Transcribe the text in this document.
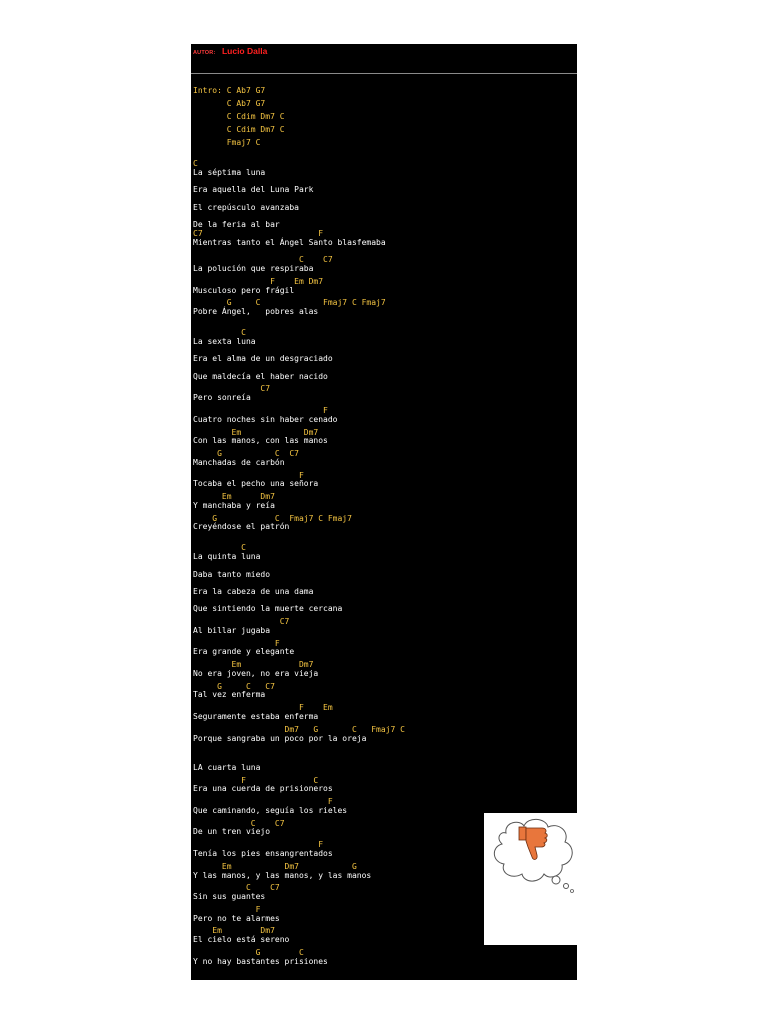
AUTOR: Lucio Dalla
Intro: C Ab7 G7
C Ab7 G7
C Cdim Dm7 C
C Cdim Dm7 C
Fmaj7 C
C
La séptima luna
Era aquella del Luna Park
El crepúsculo avanzaba
De la feria al bar
C7                        F
Mientras tanto el Ángel Santo blasfemaba
C    C7
La polución que respiraba
F    Em Dm7
Musculoso pero frágil
G     C             Fmaj7 C Fmaj7
Pobre Ángel,   pobres alas
C
La sexta luna
Era el alma de un desgraciado
Que maldecía el haber nacido
C7
Pero sonreía
F
Cuatro noches sin haber cenado
Em             Dm7
Con las manos, con las manos
G           C  C7
Manchadas de carbón
F
Tocaba el pecho una señora
Em      Dm7
Y manchaba y reía
G            C  Fmaj7 C Fmaj7
Creyéndose el patrón
C
La quinta luna
Daba tanto miedo
Era la cabeza de una dama
Que sintiendo la muerte cercana
C7
Al billar jugaba
F
Era grande y elegante
Em            Dm7
No era joven, no era vieja
G     C   C7
Tal vez enferma
F    Em
Seguramente estaba enferma
Dm7   G       C   Fmaj7 C
Porque sangraba un poco por la oreja
LA cuarta luna
F              C
Era una cuerda de prisioneros
F
Que caminando, seguía los rieles
C    C7
De un tren viejo
F
Tenía los pies ensangrentados
Em           Dm7           G
Y las manos, y las manos, y las manos
C    C7
Sin sus guantes
F
Pero no te alarmes
Em        Dm7
El cielo está sereno
G        C
Y no hay bastantes prisiones
